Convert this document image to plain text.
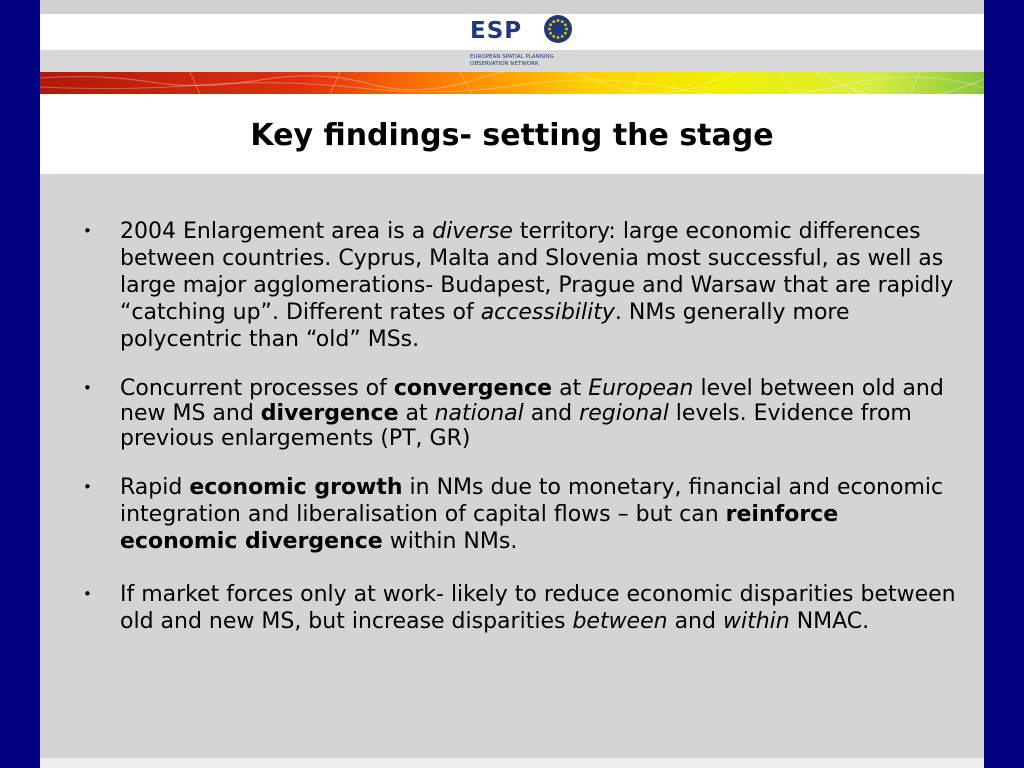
ESP
EUROPEAN SPATIAL PLANNING
OBSERVATION NETWORK
Key findings- setting the stage
• 2004 Enlargement area is a diverse territory: large economic differences between countries. Cyprus, Malta and Slovenia most successful, as well as large major agglomerations- Budapest, Prague and Warsaw that are rapidly “catching up”. Different rates of accessibility. NMs generally more polycentric than “old” MSs.
• Concurrent processes of convergence at European level between old and new MS and divergence at national and regional levels. Evidence from previous enlargements (PT, GR)
• Rapid economic growth in NMs due to monetary, financial and economic integration and liberalisation of capital flows – but can reinforce economic divergence within NMs.
• If market forces only at work- likely to reduce economic disparities between old and new MS, but increase disparities between and within NMAC.
